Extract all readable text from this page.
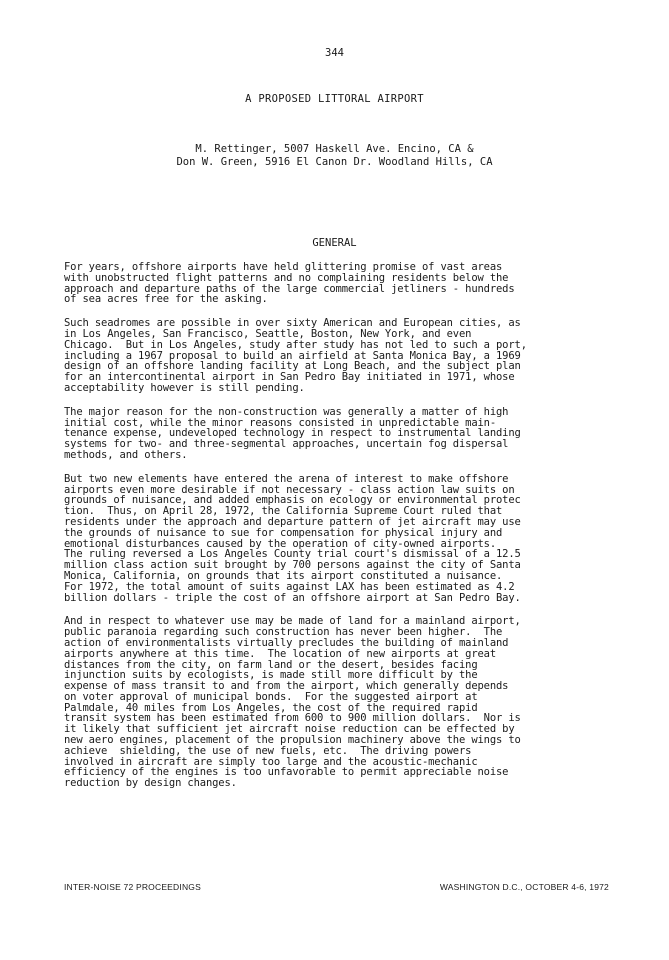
344
A PROPOSED LITTORAL AIRPORT
M. Rettinger, 5007 Haskell Ave. Encino, CA &
Don W. Green, 5916 El Canon Dr. Woodland Hills, CA
GENERAL
For years, offshore airports have held glittering promise of vast areas
with unobstructed flight patterns and no complaining residents below the
approach and departure paths of the large commercial jetliners - hundreds
of sea acres free for the asking.
Such seadromes are possible in over sixty American and European cities, as
in Los Angeles, San Francisco, Seattle, Boston, New York, and even
Chicago.  But in Los Angeles, study after study has not led to such a port,
including a 1967 proposal to build an airfield at Santa Monica Bay, a 1969
design of an offshore landing facility at Long Beach, and the subject plan
for an intercontinental airport in San Pedro Bay initiated in 1971, whose
acceptability however is still pending.
The major reason for the non-construction was generally a matter of high
initial cost, while the minor reasons consisted in unpredictable main-
tenance expense, undeveloped technology in respect to instrumental landing
systems for two- and three-segmental approaches, uncertain fog dispersal
methods, and others.
But two new elements have entered the arena of interest to make offshore
airports even more desirable if not necessary - class action law suits on
grounds of nuisance, and added emphasis on ecology or environmental protec
tion.  Thus, on April 28, 1972, the California Supreme Court ruled that
residents under the approach and departure pattern of jet aircraft may use
the grounds of nuisance to sue for compensation for physical injury and
emotional disturbances caused by the operation of city-owned airports.
The ruling reversed a Los Angeles County trial court's dismissal of a 12.5
million class action suit brought by 700 persons against the city of Santa
Monica, California, on grounds that its airport constituted a nuisance.
For 1972, the total amount of suits against LAX has been estimated as 4.2
billion dollars - triple the cost of an offshore airport at San Pedro Bay.
And in respect to whatever use may be made of land for a mainland airport,
public paranoia regarding such construction has never been higher.  The
action of environmentalists virtually precludes the building of mainland
airports anywhere at this time.  The location of new airports at great
distances from the city, on farm land or the desert, besides facing
injunction suits by ecologists, is made still more difficult by the
expense of mass transit to and from the airport, which generally depends
on voter approval of municipal bonds.  For the suggested airport at
Palmdale, 40 miles from Los Angeles, the cost of the required rapid
transit system has been estimated from 600 to 900 million dollars.  Nor is
it likely that sufficient jet aircraft noise reduction can be effected by
new aero engines, placement of the propulsion machinery above the wings to
achieve  shielding, the use of new fuels, etc.  The driving powers
involved in aircraft are simply too large and the acoustic-mechanic
efficiency of the engines is too unfavorable to permit appreciable noise
reduction by design changes.
INTER-NOISE 72 PROCEEDINGS	WASHINGTON D.C., OCTOBER 4-6, 1972
